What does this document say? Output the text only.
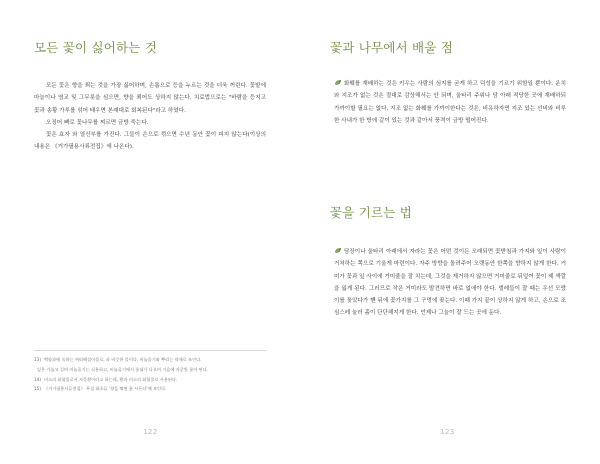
모든 꽃이 싫어하는 것

모든 꽃은 향을 쬐는 것을 가장 싫어하며, 손톱으로 등을 누르는 것을 더욱 꺼린다. 꽃밭에 마늘이나 염교 및 그무릇을 심으면, 향을 쬐어도 상하지 않는다. 치료법으로는 "바람을 등지고 꽃과 송황 가루를 섞어 태우면 본래대로 회복된다"라고 하였다.

오징어 뼈로 꽃나무를 찌르면 금방 죽는다.

꽃은 효자 와 열신부를 가진다. 그들이 손으로 꺾으면 수년 동안 꽃이 피지 않는다(이상의 내용은 《거가필용사류전집》에 나온다).

13) 백합과에 속하는 여러해살이풀로, 파 비슷한 풀이다. 비늘줄기와 뿌리는 약재로 쓰인다.
잎은 가늘고 길며 비늘줄기는 식용하고, 비늘줄기에서 꽃대가 나오며 가을에 자줏빛 꽃이 핀다.
14) 비소의 화합물로서 자웅황이라고 하는데, 황과 비소의 화합물로 사용된다.
15) 《거가필용사류전집》 무집 화초류 '향을 쬐면 꽃 시든다'에 보인다.
122
꽃과 나무에서 배울 점

화훼를 재배하는 것은 키우는 사람의 심지를 굳게 하고 덕성을 기르기 위함일 뿐이다. 운치와 지조가 없는 것은 절대로 감상해서는 안 되며, 울타리 주위나 담 아래 적당한 곳에 재배하되 가까이할 필요는 없다. 지조 없는 화훼를 가까이한다는 것은, 비유하자면 지조 있는 선비와 비루한 사내가 한 방에 같이 있는 것과 같아서 풍격이 금방 떨어진다.

꽃을 기르는 법

담장이나 울타리 아래에서 자라는 꽃은 어떤 것이든 오래되면 꽃받침과 가지와 잎이 사람이 거처하는 쪽으로 기울게 마련이다. 자주 방향을 돌려주어 오랫동안 한쪽을 향하지 않게 한다. 거미가 꽃과 잎 사이에 거미줄을 잘 치는데, 그것을 제거하지 않으면 거미줄로 뒤덮여 꽃이 제 색깔을 잃게 된다. 그러므로 작은 거미라도 발견하면 바로 없애야 한다. 벌레들이 잘 때는 우선 모랑이를 꽂았다가 뺀 뒤에 꽃가지를 그 구멍에 꽂는다. 이때 가지 끝이 상하지 않게 하고, 손으로 조심스레 눌러 흙이 단단해지게 한다. 언제나 그늘이 잘 드는 곳에 둔다.

123
